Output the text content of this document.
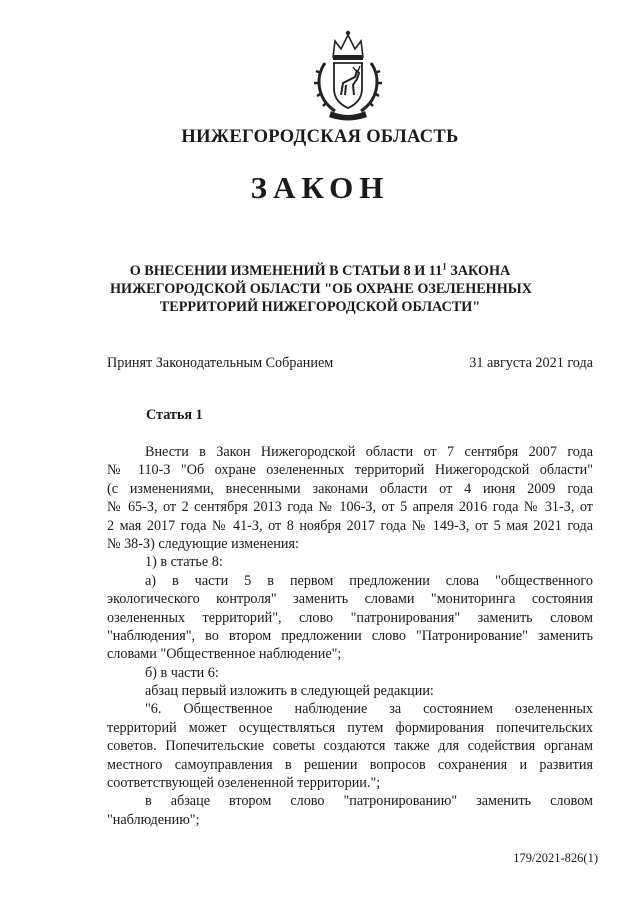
НИЖЕГОРОДСКАЯ ОБЛАСТЬ
ЗАКОН
О ВНЕСЕНИИ ИЗМЕНЕНИЙ В СТАТЬИ 8 И $11^1$ ЗАКОНА
НИЖЕГОРОДСКОЙ ОБЛАСТИ "ОБ ОХРАНЕ ОЗЕЛЕНЕННЫХ
ТЕРРИТОРИЙ НИЖЕГОРОДСКОЙ ОБЛАСТИ"
Принят Законодательным Собранием	31 августа 2021 года
Статья 1
Внести в Закон Нижегородской области от 7 сентября 2007 года
№ 110-З "Об охране озелененных территорий Нижегородской области"
(с изменениями, внесенными законами области от 4 июня 2009 года
№ 65-З, от 2 сентября 2013 года № 106-З, от 5 апреля 2016 года № 31-З, от
2 мая 2017 года № 41-З, от 8 ноября 2017 года № 149-З, от 5 мая 2021 года
№ 38-З) следующие изменения:
1) в статье 8:
а) в части 5 в первом предложении слова "общественного
экологического контроля" заменить словами "мониторинга состояния
озелененных территорий", слово "патронирования" заменить словом
"наблюдения", во втором предложении слово "Патронирование" заменить
словами "Общественное наблюдение";
б) в части 6:
абзац первый изложить в следующей редакции:
"6. Общественное наблюдение за состоянием озелененных
территорий может осуществляться путем формирования попечительских
советов. Попечительские советы создаются также для содействия органам
местного самоуправления в решении вопросов сохранения и развития
соответствующей озелененной территории.";
в абзаце втором слово "патронированию" заменить словом
"наблюдению";
179/2021-826(1)
